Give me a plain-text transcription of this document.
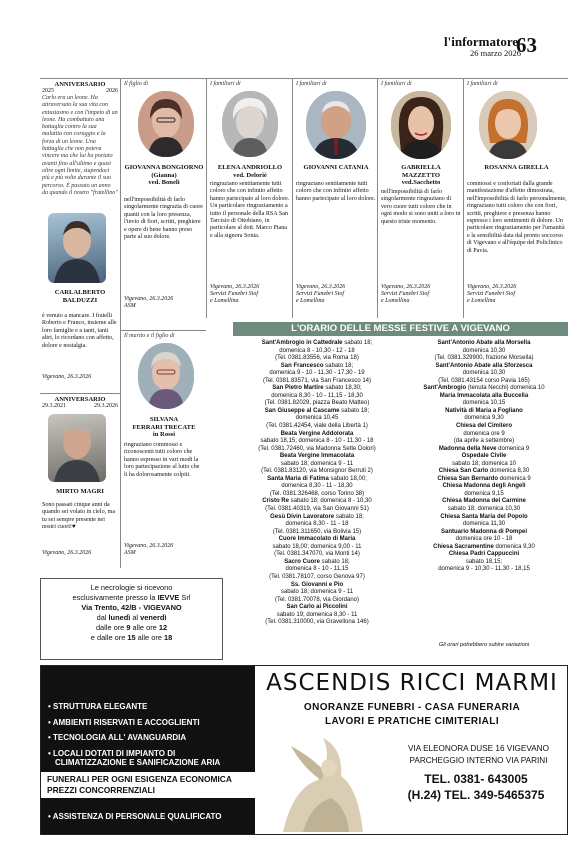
l'informatore
26 marzo 2026
63
ANNIVERSARIO
2025	2026
Carlo era un leone. Ha attraversato la sua vita con entusiasmo e con l'impeto di un leone. Ha combattuto una battaglia contro la sua malattia con coraggio e la forza di un leone. Una battaglia che non poteva vincere ma che lui ha portato avanti fino all'ultimo e quasi oltre ogni limite, stupendoci più e più volte durante il suo percorso. È passato un anno da quando il nostro "fratellino"
CARLALBERTO BALDUZZI
è venuto a mancare. I fratelli Roberto e Franco, insieme alle loro famiglie e a tanti, tanti altri, lo ricordano con affetto, dolore e nostalgia.
Vigevano, 26.3.2026
ANNIVERSARIO
29.3.2021	29.3.2026
MIRTO MAGRI
Sono passati cinque anni da quando sei volato in cielo, ma tu sei sempre presente nei nostri cuori!♥
Vigevano, 26.3.2026
Il figlio di
GIOVANNA BONGIORNO
(Gianna)
ved. Boneli
nell'impossibilità di farlo singolarmente ringrazia di cuore quanti con la loro presenza, l'invio di fiori, scritti, preghiere e opere di bene hanno preso parte al suo dolore.
Vigevano, 26.3.2026
ASM
Il marito e il figlio di
SILVANA
FERRARI TRECATE
in Rossi
ringraziano commossi e riconoscenti tutti coloro che hanno espresso in vari modi la loro partecipazione al lutto che li ha dolorosamente colpiti.
Vigevano, 26.3.2026
ASM
I familiari di
ELENA ANDRIOLLO
ved. Deloriè
ringraziano sentitamente tutti coloro che con infinito affetto hanno partecipato al loro dolore. Un particolare ringraziamento a tutto il personale della RSA San Tarcisio di Ottobiano, in particolare al dott. Marco Piana e alla signora Sonia.
Vigevano, 26.3.2026
Servizi Funebri Siof
e Lomellina
I familiari di
GIOVANNI CATANIA
ringraziano sentitamente tutti coloro che con infinito affetto hanno partecipato al loro dolore.
Vigevano, 26.3.2026
Servizi Funebri Siof
e Lomellina
I familiari di
GABRIELLA
MAZZETTO
ved.Sacchetto
nell'impossibilità di farlo singolarmente ringraziano di vero cuore tutti coloro che in ogni modo si sono uniti a loro in questo triste momento.
Vigevano, 26.3.2026
Servizi Funebri Siof
e Lomellina
I familiari di
ROSANNA GIRELLA
commossi e confortati dalla grande manifestazione d'affetto dimostrata, nell'impossibilità di farlo personalmente, ringraziano tutti coloro che con fiori, scritti, preghiere e presenza hanno espresso i loro sentimenti di dolore. Un particolare ringraziamento per l'umanità e la sensibilità data dal pronto soccorso di Vigevano e all'équipe del Policlinico di Pavia.
Vigevano, 26.3.2026
Servizi Funebri Siof
e Lomellina
L'ORARIO DELLE MESSE FESTIVE A VIGEVANO
Sant'Ambrogio in Cattedrale sabato 18;
domenica 8 - 10,30 - 12 - 18
(Tel. 0381.83556, via Roma 18)
San Francesco sabato 18;
domenica 9 - 10 - 11,30 - 17,30 - 19
(Tel. 0381.83571, via San Francesco 14)
San Pietro Martire sabato 18,30;
domenica 8,30 - 10 - 11,15 - 18,30
(Tel. 0381.82029, piazza Beato Matteo)
San Giuseppe al Cascame sabato 18;
domenica 10,45
(Tel. 0381.42454, viale della Libertà 1)
Beata Vergine Addolorata
sabato 18,15; domenica 8 - 10 - 11,30 - 18
(Tel. 0381.72460, via Madonna Sette Dolori)
Beata Vergine Immacolata
sabato 18; domenica 9 - 11
(Tel. 0381.83120, via Monsignor Berruti 2)
Santa Maria di Fatima sabato 18,00;
domenica 8,30 - 11 - 18,30
(Tel. 0381.326468, corso Torino 38)
Cristo Re sabato 18; domenica 8 - 10,30
(Tel. 0381.40319, via San Giovanni 51)
Gesù Divin Lavoratore sabato 18;
domenica 8,30 - 11 - 18
(Tel. 0381.311650, via Bolivia 15)
Cuore Immacolato di Maria
sabato 18,00; domenica 9,00 - 11
(Tel. 0381.347070, via Monti 14)
Sacro Cuore sabato 18;
domenica 8 - 10 - 11,15
(Tel. 0381.78107, corso Genova 97)
Ss. Giovanni e Pio
sabato 18; domenica 9 - 11
(Tel. 0381.70078, via Giordano)
San Carlo ai Piccolini
sabato 19; domenica 8,30 - 11
(Tel. 0381.310000, via Gravellona 146)
Sant'Antonio Abate alla Morsella
domenica 10,30
(Tel. 0381.329900, frazione Morsella)
Sant'Antonio Abate alla Sforzesca
domenica 10,30
(Tel. 0381.43154 corso Pavia 165)
Sant'Ambrogio (tenuta Necchi) domenica 10
Maria Immacolata alla Buccella
domenica 10,15
Natività di Maria a Fogliano
domenica 9,30
Chiesa del Cimitero
domenica ore 9
(da aprile a settembre)
Madonna della Neve domenica 9
Ospedale Civile
sabato 18; domenica 10
Chiesa San Carlo domenica 8,30
Chiesa San Bernardo domenica 9
Chiesa Madonna degli Angeli
domenica 9,15
Chiesa Madonna del Carmine
sabato 18; domenica 10,30
Chiesa Santa Maria del Popolo
domenica 11,30
Santuario Madonna di Pompei
domenica ore 10 - 18
Chiesa Sacramentine domenica 9,30
Chiesa Padri Cappuccini
sabato 18,15;
domenica 9 - 10,30 - 11,30 - 18,15
Gli orari potrebbero subire variazioni
Le necrologie si ricevono
esclusivamente presso la IEVVE Srl
Via Trento, 42/B - VIGEVANO
dal lunedì al venerdì
dalle ore 9 alle ore 12
e dalle ore 15 alle ore 18
• STRUTTURA ELEGANTE
• AMBIENTI RISERVATI E ACCOGLIENTI
• TECNOLOGIA ALL' AVANGUARDIA
• LOCALI DOTATI DI IMPIANTO DI
CLIMATIZZAZIONE E SANIFICAZIONE ARIA
FUNERALI PER OGNI ESIGENZA ECONOMICA
PREZZI CONCORRENZIALI
• ASSISTENZA DI PERSONALE QUALIFICATO
ASCENDIS RICCI MARMI
ONORANZE FUNEBRI - CASA FUNERARIA
LAVORI E PRATICHE CIMITERIALI
VIA ELEONORA DUSE 16 VIGEVANO
PARCHEGGIO INTERNO VIA PARINI
TEL. 0381- 643005
(H.24) TEL. 349-5465375
